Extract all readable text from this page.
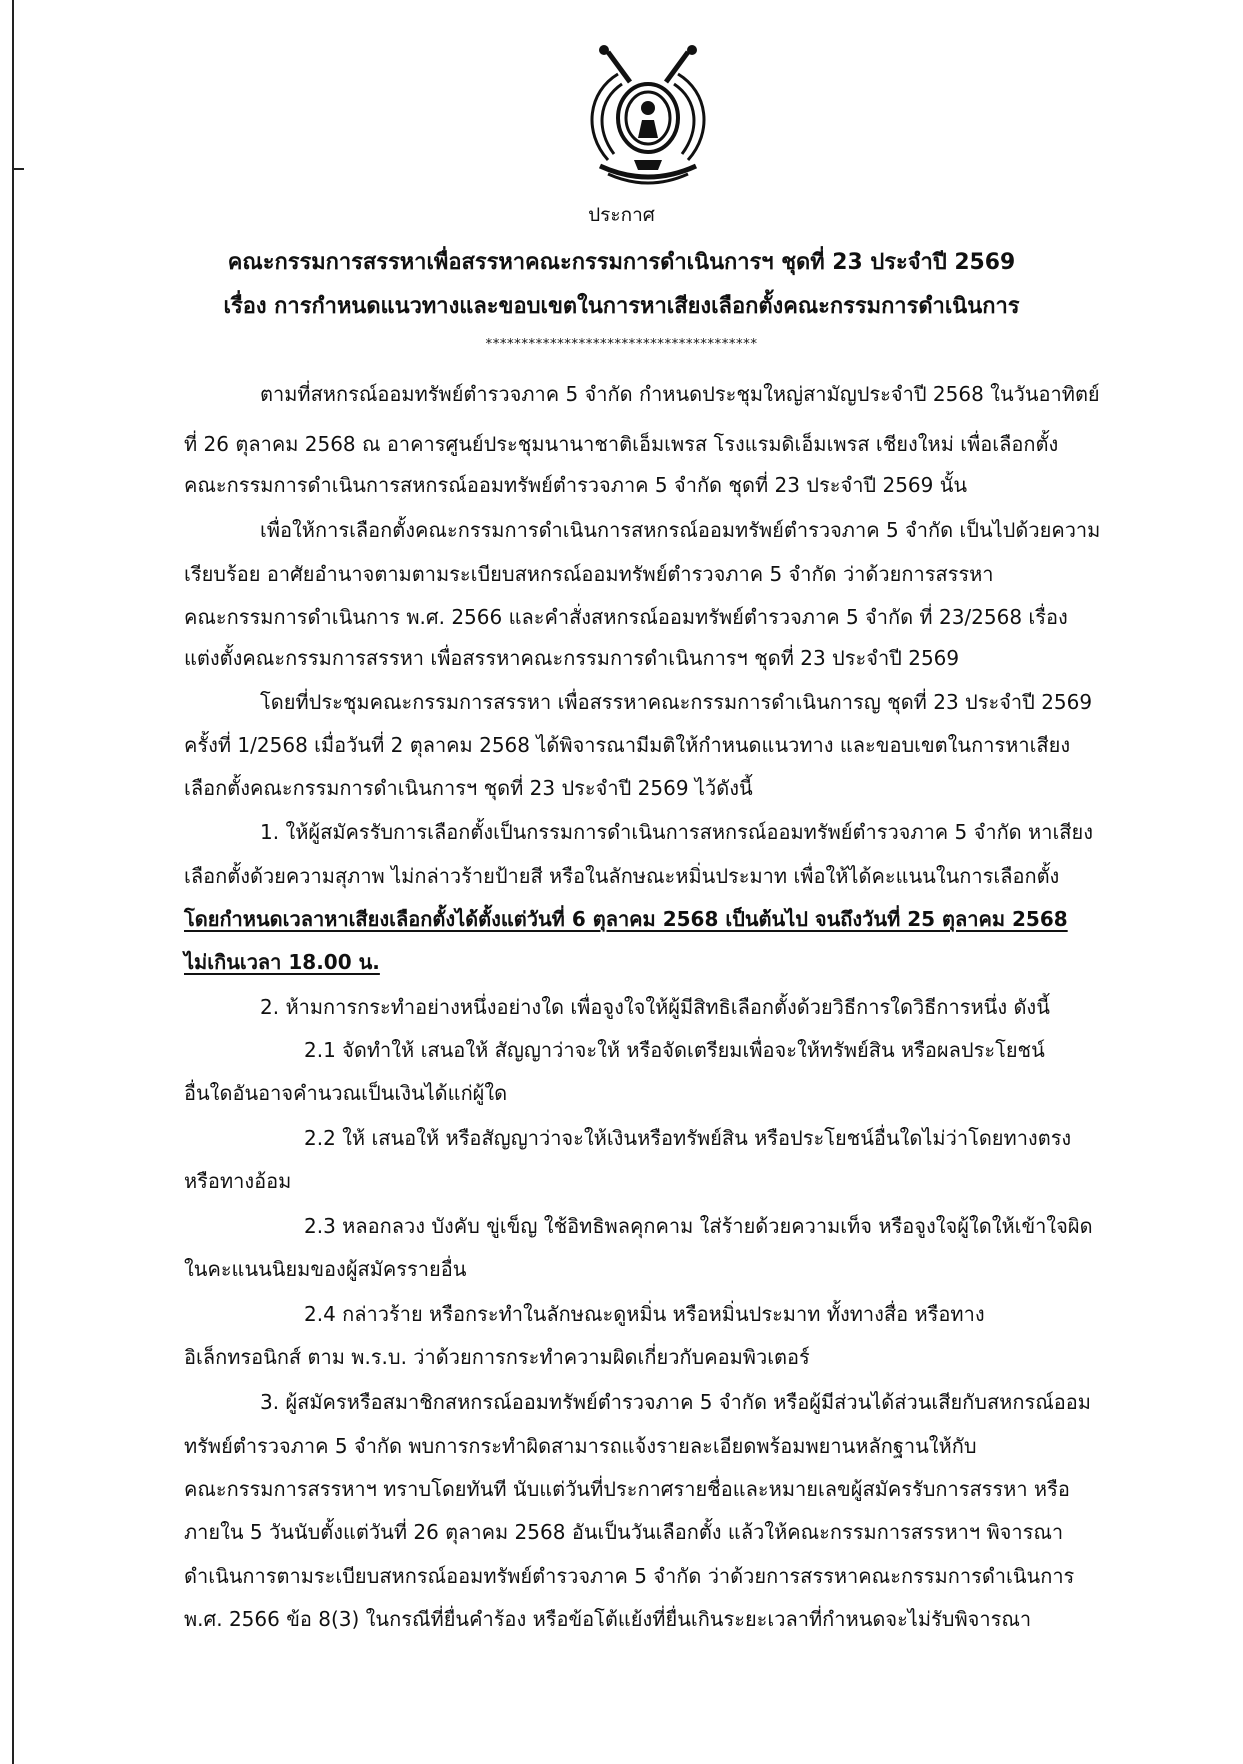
ประกาศ
คณะกรรมการสรรหาเพื่อสรรหาคณะกรรมการดำเนินการฯ ชุดที่ 23 ประจำปี 2569
เรื่อง การกำหนดแนวทางและขอบเขตในการหาเสียงเลือกตั้งคณะกรรมการดำเนินการ
**************************************
ตามที่สหกรณ์ออมทรัพย์ตำรวจภาค 5 จำกัด กำหนดประชุมใหญ่สามัญประจำปี 2568 ในวันอาทิตย์
ที่ 26 ตุลาคม 2568 ณ อาคารศูนย์ประชุมนานาชาติเอ็มเพรส โรงแรมดิเอ็มเพรส เชียงใหม่ เพื่อเลือกตั้ง
คณะกรรมการดำเนินการสหกรณ์ออมทรัพย์ตำรวจภาค 5 จำกัด ชุดที่ 23 ประจำปี 2569 นั้น
เพื่อให้การเลือกตั้งคณะกรรมการดำเนินการสหกรณ์ออมทรัพย์ตำรวจภาค 5 จำกัด เป็นไปด้วยความ
เรียบร้อย อาศัยอำนาจตามตามระเบียบสหกรณ์ออมทรัพย์ตำรวจภาค 5 จำกัด ว่าด้วยการสรรหา
คณะกรรมการดำเนินการ พ.ศ. 2566 และคำสั่งสหกรณ์ออมทรัพย์ตำรวจภาค 5 จำกัด ที่ 23/2568 เรื่อง
แต่งตั้งคณะกรรมการสรรหา เพื่อสรรหาคณะกรรมการดำเนินการฯ ชุดที่ 23 ประจำปี 2569
โดยที่ประชุมคณะกรรมการสรรหา เพื่อสรรหาคณะกรรมการดำเนินการญ ชุดที่ 23 ประจำปี 2569
ครั้งที่ 1/2568 เมื่อวันที่ 2 ตุลาคม 2568 ได้พิจารณามีมติให้กำหนดแนวทาง และขอบเขตในการหาเสียง
เลือกตั้งคณะกรรมการดำเนินการฯ ชุดที่ 23 ประจำปี 2569 ไว้ดังนี้
1. ให้ผู้สมัครรับการเลือกตั้งเป็นกรรมการดำเนินการสหกรณ์ออมทรัพย์ตำรวจภาค 5 จำกัด หาเสียง
เลือกตั้งด้วยความสุภาพ ไม่กล่าวร้ายป้ายสี หรือในลักษณะหมิ่นประมาท เพื่อให้ได้คะแนนในการเลือกตั้ง
โดยกำหนดเวลาหาเสียงเลือกตั้งได้ตั้งแต่วันที่ 6 ตุลาคม 2568 เป็นต้นไป จนถึงวันที่ 25 ตุลาคม 2568
ไม่เกินเวลา 18.00 น.
2. ห้ามการกระทำอย่างหนึ่งอย่างใด เพื่อจูงใจให้ผู้มีสิทธิเลือกตั้งด้วยวิธีการใดวิธีการหนึ่ง ดังนี้
2.1 จัดทำให้ เสนอให้ สัญญาว่าจะให้ หรือจัดเตรียมเพื่อจะให้ทรัพย์สิน หรือผลประโยชน์
อื่นใดอันอาจคำนวณเป็นเงินได้แก่ผู้ใด
2.2 ให้ เสนอให้ หรือสัญญาว่าจะให้เงินหรือทรัพย์สิน หรือประโยชน์อื่นใดไม่ว่าโดยทางตรง
หรือทางอ้อม
2.3 หลอกลวง บังคับ ขู่เข็ญ ใช้อิทธิพลคุกคาม ใส่ร้ายด้วยความเท็จ หรือจูงใจผู้ใดให้เข้าใจผิด
ในคะแนนนิยมของผู้สมัครรายอื่น
2.4 กล่าวร้าย หรือกระทำในลักษณะดูหมิ่น หรือหมิ่นประมาท ทั้งทางสื่อ หรือทาง
อิเล็กทรอนิกส์ ตาม พ.ร.บ. ว่าด้วยการกระทำความผิดเกี่ยวกับคอมพิวเตอร์
3. ผู้สมัครหรือสมาชิกสหกรณ์ออมทรัพย์ตำรวจภาค 5 จำกัด หรือผู้มีส่วนได้ส่วนเสียกับสหกรณ์ออม
ทรัพย์ตำรวจภาค 5 จำกัด พบการกระทำผิดสามารถแจ้งรายละเอียดพร้อมพยานหลักฐานให้กับ
คณะกรรมการสรรหาฯ ทราบโดยทันที นับแต่วันที่ประกาศรายชื่อและหมายเลขผู้สมัครรับการสรรหา หรือ
ภายใน 5 วันนับตั้งแต่วันที่ 26 ตุลาคม 2568 อันเป็นวันเลือกตั้ง แล้วให้คณะกรรมการสรรหาฯ พิจารณา
ดำเนินการตามระเบียบสหกรณ์ออมทรัพย์ตำรวจภาค 5 จำกัด ว่าด้วยการสรรหาคณะกรรมการดำเนินการ
พ.ศ. 2566 ข้อ 8(3) ในกรณีที่ยื่นคำร้อง หรือข้อโต้แย้งที่ยื่นเกินระยะเวลาที่กำหนดจะไม่รับพิจารณา
